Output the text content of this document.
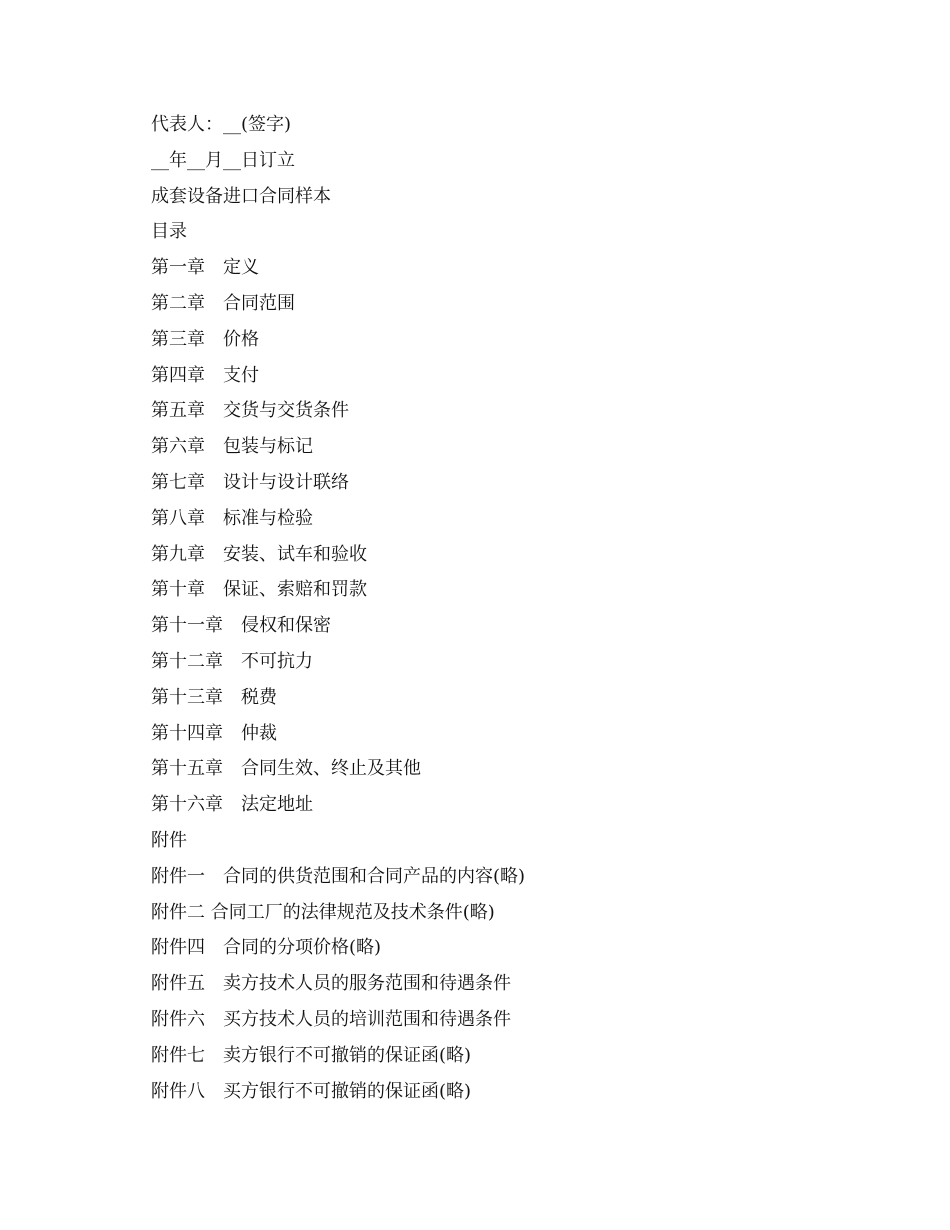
代表人：__(签字)
__年__月__日订立
成套设备进口合同样本
目录
第一章　定义
第二章　合同范围
第三章　价格
第四章　支付
第五章　交货与交货条件
第六章　包装与标记
第七章　设计与设计联络
第八章　标准与检验
第九章　安装、试车和验收
第十章　保证、索赔和罚款
第十一章　侵权和保密
第十二章　不可抗力
第十三章　税费
第十四章　仲裁
第十五章　合同生效、终止及其他
第十六章　法定地址
附件
附件一　合同的供货范围和合同产品的内容(略)
附件二 合同工厂的法律规范及技术条件(略)
附件四　合同的分项价格(略)
附件五　卖方技术人员的服务范围和待遇条件
附件六　买方技术人员的培训范围和待遇条件
附件七　卖方银行不可撤销的保证函(略)
附件八　买方银行不可撤销的保证函(略)
